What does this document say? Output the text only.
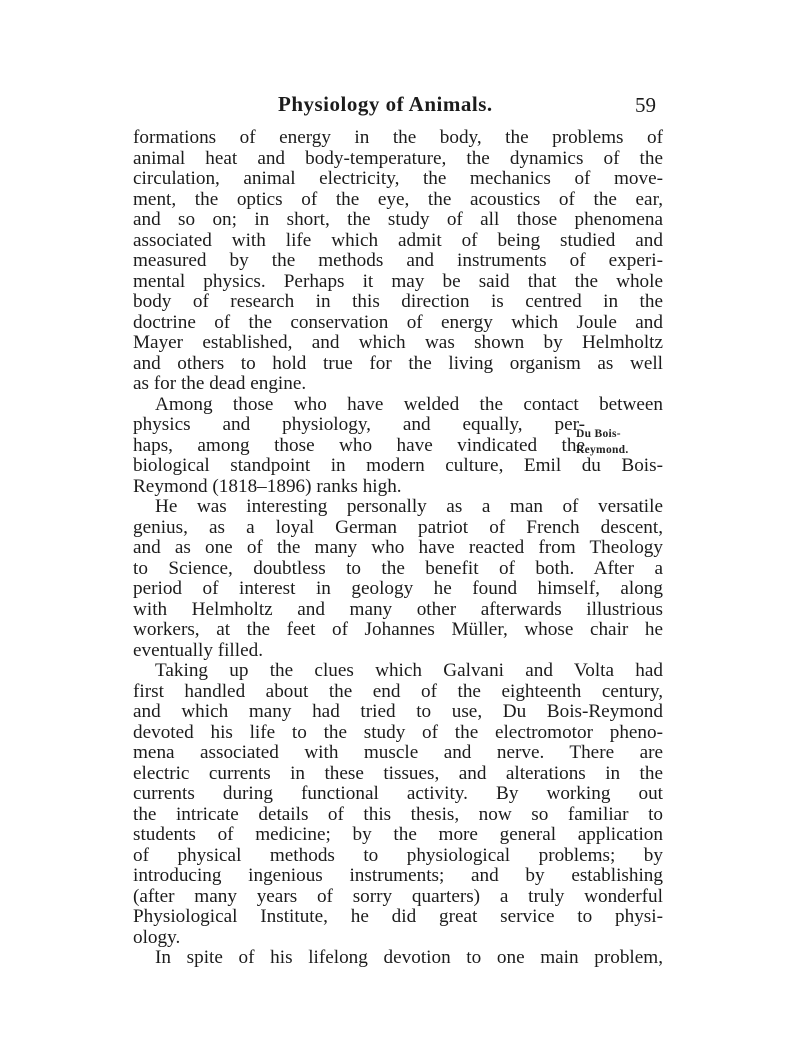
Physiology of Animals.	59
Du Bois-
Reymond.
formations of energy in the body, the problems of
animal heat and body-temperature, the dynamics of the
circulation, animal electricity, the mechanics of move-
ment, the optics of the eye, the acoustics of the ear,
and so on; in short, the study of all those phenomena
associated with life which admit of being studied and
measured by the methods and instruments of experi-
mental physics. Perhaps it may be said that the whole
body of research in this direction is centred in the
doctrine of the conservation of energy which Joule and
Mayer established, and which was shown by Helmholtz
and others to hold true for the living organism as well
as for the dead engine.
Among those who have welded the contact between
physics and physiology, and equally, per-
haps, among those who have vindicated the
biological standpoint in modern culture, Emil du Bois-
Reymond (1818–1896) ranks high.
He was interesting personally as a man of versatile
genius, as a loyal German patriot of French descent,
and as one of the many who have reacted from Theology
to Science, doubtless to the benefit of both. After a
period of interest in geology he found himself, along
with Helmholtz and many other afterwards illustrious
workers, at the feet of Johannes Müller, whose chair he
eventually filled.
Taking up the clues which Galvani and Volta had
first handled about the end of the eighteenth century,
and which many had tried to use, Du Bois-Reymond
devoted his life to the study of the electromotor pheno-
mena associated with muscle and nerve. There are
electric currents in these tissues, and alterations in the
currents during functional activity. By working out
the intricate details of this thesis, now so familiar to
students of medicine; by the more general application
of physical methods to physiological problems; by
introducing ingenious instruments; and by establishing
(after many years of sorry quarters) a truly wonderful
Physiological Institute, he did great service to physi-
ology.
In spite of his lifelong devotion to one main problem,
